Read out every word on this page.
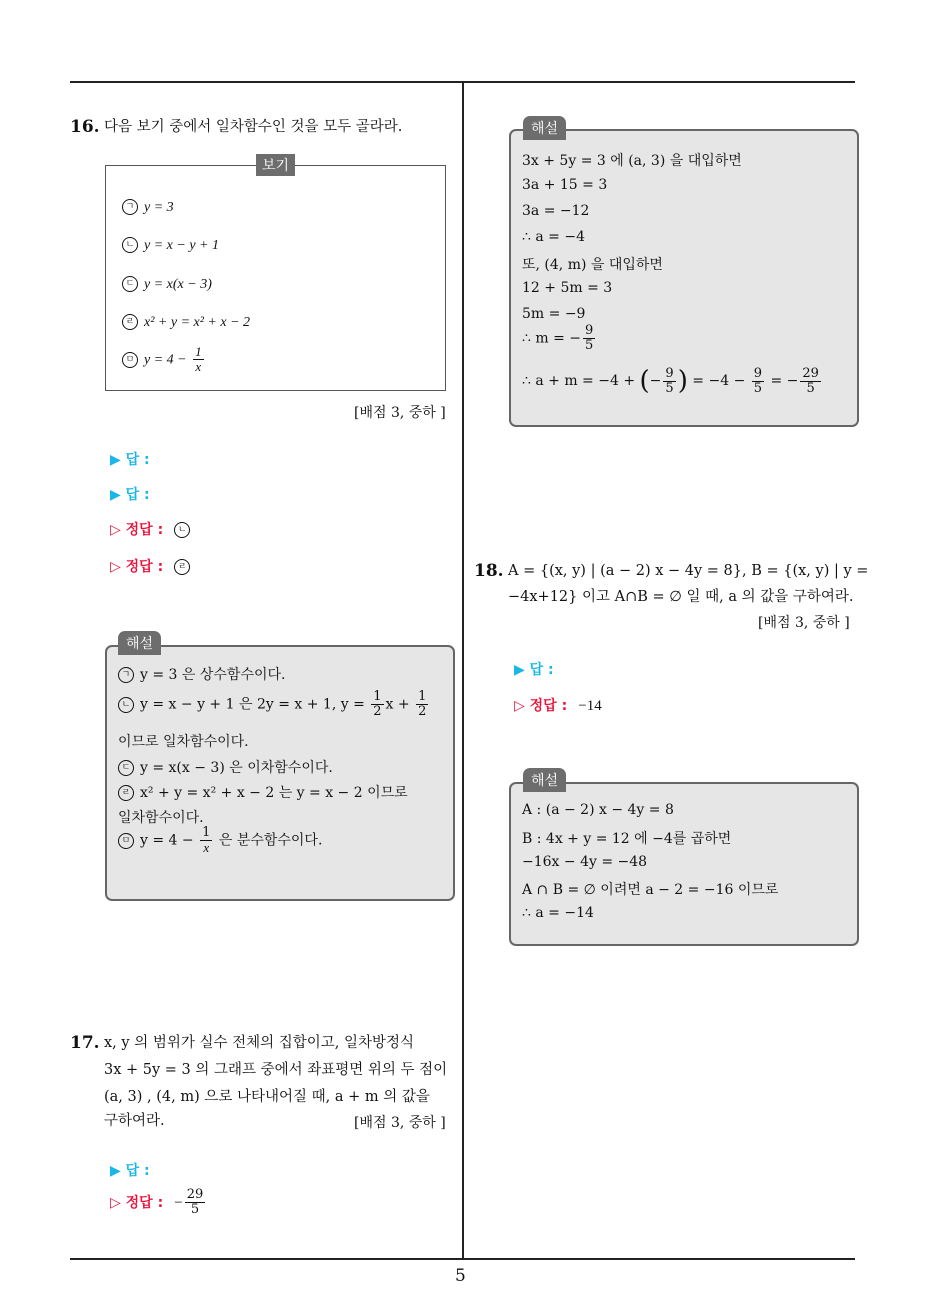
5
16. 다음 보기 중에서 일차함수인 것을 모두 골라라.
보기
ㄱ y = 3
ㄴ y = x − y + 1
ㄷ y = x(x − 3)
ㄹ x² + y = x² + x − 2
ㅁ $y = 4 - \frac{1}{x}$
[배점 3, 중하 ]
▶ 답 :
▶ 답 :
▷ 정답 : ㄴ
▷ 정답 : ㄹ
해설
ㄱ y = 3 은 상수함수이다.
ㄴ y = x − y + 1 은 2y = x + 1, $y = \frac{1}{2}$ $x + \frac{1}{2}$
이므로 일차함수이다.
ㄷ y = x(x − 3) 은 이차함수이다.
ㄹ x² + y = x² + x − 2 는 y = x − 2 이므로
일차함수이다.
ㅁ $y = 4 - \frac{1}{x}$ 은 분수함수이다.
17. x, y 의 범위가 실수 전체의 집합이고, 일차방정식
3x + 5y = 3 의 그래프 중에서 좌표평면 위의 두 점이
(a, 3) , (4, m) 으로 나타내어질 때, a + m 의 값을
구하여라.	[배점 3, 중하 ]
▶ 답 :
▷ 정답 : − $\frac{29}{5}$
해설
3x + 5y = 3 에 (a, 3) 을 대입하면
3a + 15 = 3
3a = −12
∴ a = −4
또, (4, m) 을 대입하면
12 + 5m = 3
5m = −9
∴ m = − $\frac{9}{5}$
∴ a + m = −4 + (− $\frac{9}{5}$ ) = $-4 - \frac{9}{5}$ = − $\frac{29}{5}$
18. A = {(x, y) | (a − 2) x − 4y = 8}, B = {(x, y) | y =
−4x+12} 이고 A∩B = ∅ 일 때, a 의 값을 구하여라.
[배점 3, 중하 ]
▶ 답 :
▷ 정답 : −14
해설
A : (a − 2) x − 4y = 8
B : 4x + y = 12 에 −4를 곱하면
−16x − 4y = −48
A ∩ B = ∅ 이려면 a − 2 = −16 이므로
∴ a = −14
